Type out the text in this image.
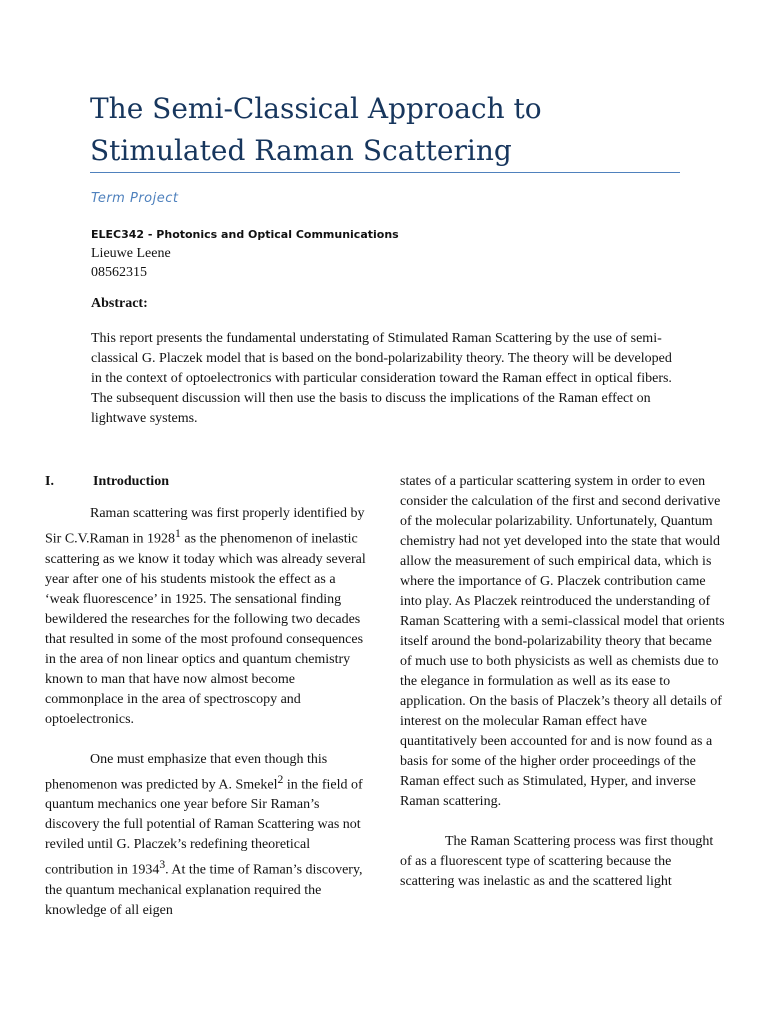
The Semi-Classical Approach to
Stimulated Raman Scattering
Term Project
ELEC342 - Photonics and Optical Communications
Lieuwe Leene
08562315
Abstract:
This report presents the fundamental understating of Stimulated Raman Scattering by the use of semi-classical G. Placzek model that is based on the bond-polarizability theory. The theory will be developed in the context of optoelectronics with particular consideration toward the Raman effect in optical fibers. The subsequent discussion will then use the basis to discuss the implications of the Raman effect on lightwave systems.
I.	Introduction

Raman scattering was first properly identified by Sir C.V.Raman in 1928$^1$ as the phenomenon of inelastic scattering as we know it today which was already several year after one of his students mistook the effect as a ‘weak fluorescence’ in 1925. The sensational finding bewildered the researches for the following two decades that resulted in some of the most profound consequences in the area of non linear optics and quantum chemistry known to man that have now almost become commonplace in the area of spectroscopy and optoelectronics.

One must emphasize that even though this phenomenon was predicted by A. Smekel$^2$ in the field of quantum mechanics one year before Sir Raman’s discovery the full potential of Raman Scattering was not reviled until G. Placzek’s redefining theoretical contribution in 1934$^3$. At the time of Raman’s discovery, the quantum mechanical explanation required the knowledge of all eigen

states of a particular scattering system in order to even consider the calculation of the first and second derivative of the molecular polarizability. Unfortunately, Quantum chemistry had not yet developed into the state that would allow the measurement of such empirical data, which is where the importance of G. Placzek contribution came into play. As Placzek reintroduced the understanding of Raman Scattering with a semi-classical model that orients itself around the bond-polarizability theory that became of much use to both physicists as well as chemists due to the elegance in formulation as well as its ease to application. On the basis of Placzek’s theory all details of interest on the molecular Raman effect have quantitatively been accounted for and is now found as a basis for some of the higher order proceedings of the Raman effect such as Stimulated, Hyper, and inverse Raman scattering.

The Raman Scattering process was first thought of as a fluorescent type of scattering because the scattering was inelastic as and the scattered light
